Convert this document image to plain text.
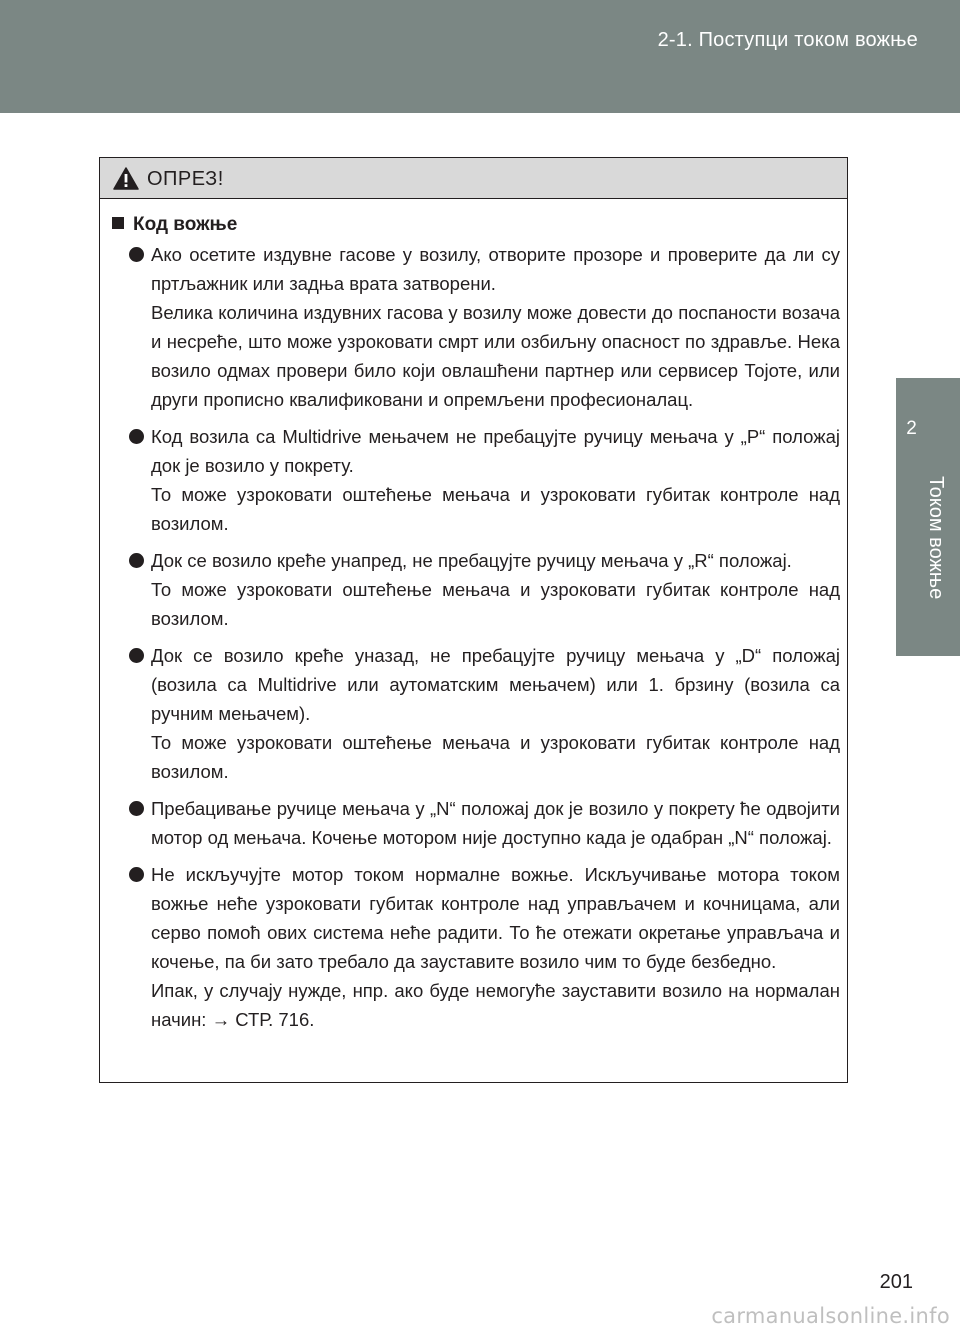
2-1. Поступци током вожње
2
Током вожње
ОПРЕЗ!
Код вожње

Ако осетите издувне гасове у возилу, отворите прозоре и проверите да ли су пртљажник или задња врата затворени.

Велика количина издувних гасова у возилу може довести до поспаности возача и несреће, што може узроковати смрт или озбиљну опасност по здравље. Нека возило одмах провери било који овлашћени партнер или сервисер Тојоте, или други прописно квалификовани и опремљени професионалац.

Код возила са Multidrive мењачем не пребацујте ручицу мењача у „P“ положај док је возило у покрету.

То може узроковати оштећење мењача и узроковати губитак контроле над возилом.

Док се возило креће унапред, не пребацујте ручицу мењача у „R“ положај.

То може узроковати оштећење мењача и узроковати губитак контроле над возилом.

Док се возило креће уназад, не пребацујте ручицу мењача у „D“ положај (возила са Multidrive или аутоматским мењачем) или 1. брзину (возила са ручним мењачем).

То може узроковати оштећење мењача и узроковати губитак контроле над возилом.

Пребацивање ручице мењача у „N“ положај док је возило у покрету ће одвојити мотор од мењача. Кочење мотором није доступно када је одабран „N“ положај.

Не искључујте мотор током нормалне вожње. Искључивање мотора током вожње неће узроковати губитак контроле над управљачем и кочницама, али серво помоћ ових система неће радити. То ће отежати окретање управљача и кочење, па би зато требало да зауставите возило чим то буде безбедно.

Ипак, у случају нужде, нпр. ако буде немогуће зауставити возило на нормалан начин: → СТР. 716.

201
carmanualsonline.info
